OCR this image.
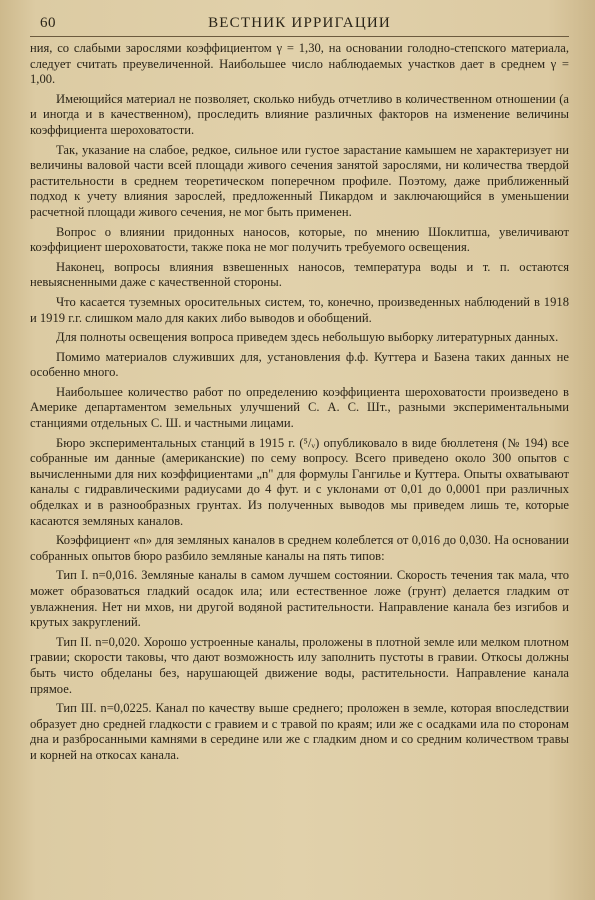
60	ВЕСТНИК ИРРИГАЦИИ

ния, со слабыми зарослями коэффициентом γ = 1,30, на основании голодно-степского материала, следует считать преувеличенной. Наибольшее число наблюдаемых участков дает в среднем γ = 1,00.

Имеющийся материал не позволяет, сколько нибудь отчетливо в количественном отношении (а и иногда и в качественном), проследить влияние различных факторов на изменение величины коэффициента шероховатости.

Так, указание на слабое, редкое, сильное или густое зарастание камышем не характеризует ни величины валовой части всей площади живого сечения занятой зарослями, ни количества твердой растительности в среднем теоретическом поперечном профиле. Поэтому, даже приближенный подход к учету влияния зарослей, предложенный Пикардом и заключающийся в уменьшении расчетной площади живого сечения, не мог быть применен.

Вопрос о влиянии придонных наносов, которые, по мнению Шоклитша, увеличивают коэффициент шероховатости, также пока не мог получить требуемого освещения.

Наконец, вопросы влияния взвешенных наносов, температура воды и т. п. остаются невыясненными даже с качественной стороны.

Что касается туземных оросительных систем, то, конечно, произведенных наблюдений в 1918 и 1919 г.г. слишком мало для каких либо выводов и обобщений.

Для полноты освещения вопроса приведем здесь небольшую выборку литературных данных.

Помимо материалов служивших для, установления ф.ф. Куттера и Базена таких данных не особенно много.

Наибольшее количество работ по определению коэффициента шероховатости произведено в Америке департаментом земельных улучшений С. А. С. Шт., разными экспериментальными станциями отдельных С. Ш. и частными лицами.

Бюро экспериментальных станций в 1915 г. (⁵/ᵥ) опубликовало в виде бюллетеня (№ 194) все собранные им данные (американские) по сему вопросу. Всего приведено около 300 опытов с вычисленными для них коэффициентами „n" для формулы Гангилье и Куттера. Опыты охватывают каналы с гидравлическими радиусами до 4 фут. и с уклонами от 0,01 до 0,0001 при различных обделках и в разнообразных грунтах. Из полученных выводов мы приведем лишь те, которые касаются земляных каналов.

Коэффициент «n» для земляных каналов в среднем колеблется от 0,016 до 0,030. На основании собранных опытов бюро разбило земляные каналы на пять типов:

Тип I. n=0,016. Земляные каналы в самом лучшем состоянии. Скорость течения так мала, что может образоваться гладкий осадок ила; или естественное ложе (грунт) делается гладким от увлажнения. Нет ни мхов, ни другой водяной растительности. Направление канала без изгибов и крутых закруглений.

Тип II. n=0,020. Хорошо устроенные каналы, проложены в плотной земле или мелком плотном гравии; скорости таковы, что дают возможность илу заполнить пустоты в гравии. Откосы должны быть чисто обделаны без, нарушающей движение воды, растительности. Направление канала прямое.

Тип III. n=0,0225. Канал по качеству выше среднего; проложен в земле, которая впоследствии образует дно средней гладкости с гравием и с травой по краям; или же с осадками ила по сторонам дна и разбросанными камнями в середине или же с гладким дном и со средним количеством травы и корней на откосах канала.
